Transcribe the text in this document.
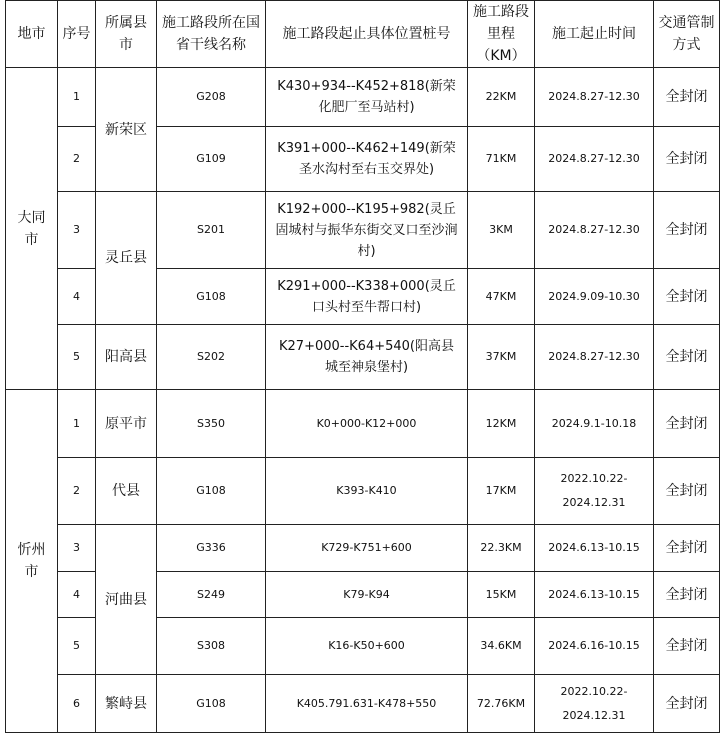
地市	序号	所属县市	施工路段所在国省干线名称	施工路段起止具体位置桩号	施工路段里程（KM）	施工起止时间	交通管制方式
大同市	1	新荣区	G208	K430+934--K452+818(新荣化肥厂至马站村)	22KM	2024.8.27-12.30	全封闭
	2		G109	K391+000--K462+149(新荣圣水沟村至右玉交界处)	71KM	2024.8.27-12.30	全封闭
	3	灵丘县	S201	K192+000--K195+982(灵丘固城村与振华东街交叉口至沙涧村)	3KM	2024.8.27-12.30	全封闭
	4		G108	K291+000--K338+000(灵丘口头村至牛帮口村)	47KM	2024.9.09-10.30	全封闭
	5	阳高县	S202	K27+000--K64+540(阳高县城至神泉堡村)	37KM	2024.8.27-12.30	全封闭
忻州市	1	原平市	S350	K0+000-K12+000	12KM	2024.9.1-10.18	全封闭
	2	代县	G108	K393-K410	17KM	2022.10.22-2024.12.31	全封闭
	3	河曲县	G336	K729-K751+600	22.3KM	2024.6.13-10.15	全封闭
	4		S249	K79-K94	15KM	2024.6.13-10.15	全封闭
	5		S308	K16-K50+600	34.6KM	2024.6.16-10.15	全封闭
	6	繁峙县	G108	K405.791.631-K478+550	72.76KM	2022.10.22-2024.12.31	全封闭
